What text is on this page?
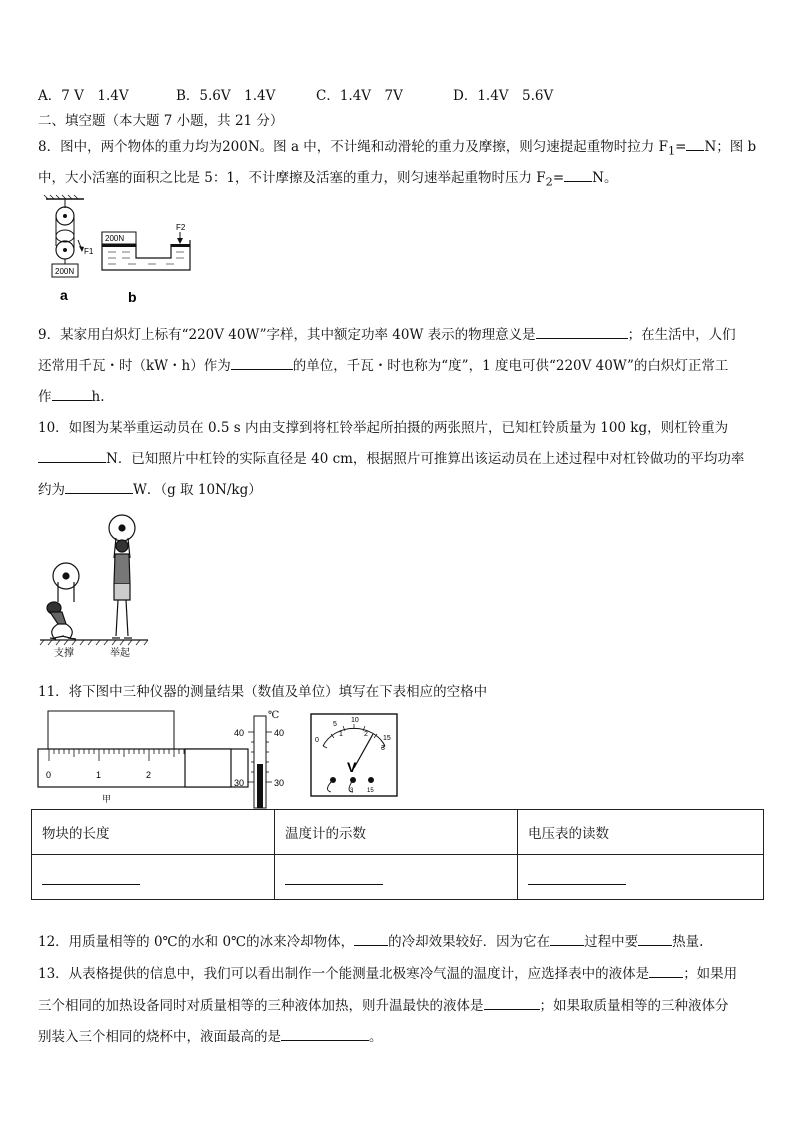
A．7 V　1.4V	B．5.6V　1.4V	C．1.4V　7V	D．1.4V　5.6V
二、填空题（本大题 7 小题，共 21 分）
8．图中，两个物体的重力均为200N。图 a 中，不计绳和动滑轮的重力及摩擦，则匀速提起重物时拉力 $F_1= N$；图 b
中，大小活塞的面积之比是 5：1，不计摩擦及活塞的重力，则匀速举起重物时压力 $F_2= N$。
F1
200N
a
200N
F2
b
9．某家用白炽灯上标有“220V 40W”字样，其中额定功率 40W 表示的物理意义是	；在生活中，人们
还常用千瓦・时（kW・h）作为	的单位，千瓦・时也称为“度”，1 度电可供“220V 40W”的白炽灯正常工
作	h.
10．如图为某举重运动员在 0.5 s 内由支撑到将杠铃举起所拍摄的两张照片，已知杠铃质量为 100 kg，则杠铃重为
N．已知照片中杠铃的实际直径是 40 cm，根据照片可推算出该运动员在上述过程中对杠铃做功的平均功率
约为	W．（g 取 10N/kg）
支撑	举起
11．将下图中三种仪器的测量结果（数值及单位）填写在下表相应的空格中
0	1	2
甲
℃
40	40
30	30
0
1	2
3
5
10
15
V
3 15
物块的长度	温度计的示数	电压表的读数

12．用质量相等的 0℃的水和 0℃的冰来冷却物体，	的冷却效果较好．因为它在	过程中要	热量.
13．从表格提供的信息中，我们可以看出制作一个能测量北极寒冷气温的温度计，应选择表中的液体是	；如果用
三个相同的加热设备同时对质量相等的三种液体加热，则升温最快的液体是	；如果取质量相等的三种液体分
别装入三个相同的烧杯中，液面最高的是	。
